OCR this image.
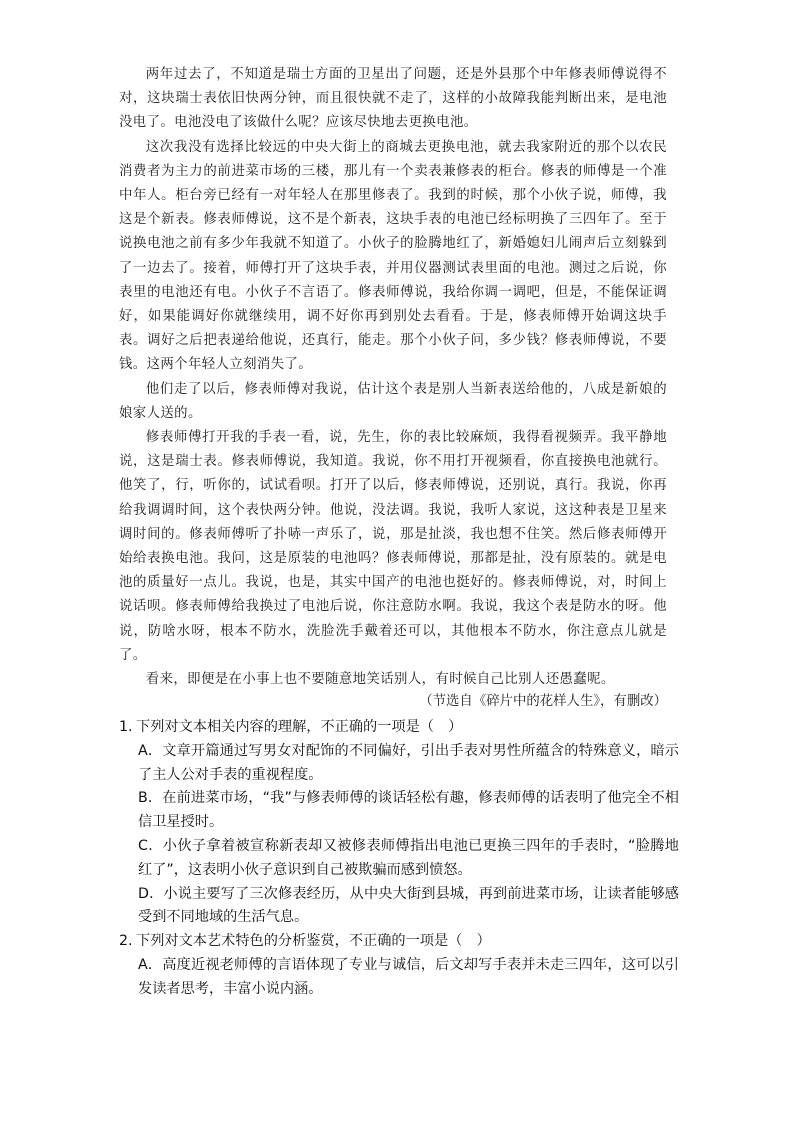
两年过去了，不知道是瑞士方面的卫星出了问题，还是外县那个中年修表师傅说得不对，这块瑞士表依旧快两分钟，而且很快就不走了，这样的小故障我能判断出来，是电池没电了。电池没电了该做什么呢？应该尽快地去更换电池。

这次我没有选择比较远的中央大街上的商城去更换电池，就去我家附近的那个以农民消费者为主力的前进菜市场的三楼，那儿有一个卖表兼修表的柜台。修表的师傅是一个准中年人。柜台旁已经有一对年轻人在那里修表了。我到的时候，那个小伙子说，师傅，我这是个新表。修表师傅说，这不是个新表，这块手表的电池已经标明换了三四年了。至于说换电池之前有多少年我就不知道了。小伙子的脸腾地红了，新婚媳妇儿闹声后立刻躲到了一边去了。接着，师傅打开了这块手表，并用仪器测试表里面的电池。测过之后说，你表里的电池还有电。小伙子不言语了。修表师傅说，我给你调一调吧，但是，不能保证调好，如果能调好你就继续用，调不好你再到别处去看看。于是，修表师傅开始调这块手表。调好之后把表递给他说，还真行，能走。那个小伙子问，多少钱？修表师傅说，不要钱。这两个年轻人立刻消失了。

他们走了以后，修表师傅对我说，估计这个表是别人当新表送给他的，八成是新娘的娘家人送的。

修表师傅打开我的手表一看，说，先生，你的表比较麻烦，我得看视频弄。我平静地说，这是瑞士表。修表师傅说，我知道。我说，你不用打开视频看，你直接换电池就行。他笑了，行，听你的，试试看呗。打开了以后，修表师傅说，还别说，真行。我说，你再给我调调时间，这个表快两分钟。他说，没法调。我说，我听人家说，这这种表是卫星来调时间的。修表师傅听了扑哧一声乐了，说，那是扯淡，我也想不住笑。然后修表师傅开始给表换电池。我问，这是原装的电池吗？修表师傅说，那都是扯，没有原装的。就是电池的质量好一点儿。我说，也是，其实中国产的电池也挺好的。修表师傅说，对，时间上说话呗。修表师傅给我换过了电池后说，你注意防水啊。我说，我这个表是防水的呀。他说，防啥水呀，根本不防水，洗脸洗手戴着还可以，其他根本不防水，你注意点儿就是了。

看来，即便是在小事上也不要随意地笑话别人，有时候自己比别人还愚蠢呢。

（节选自《碎片中的花样人生》，有删改）

1. 下列对文本相关内容的理解，不正确的一项是（　）

A．文章开篇通过写男女对配饰的不同偏好，引出手表对男性所蕴含的特殊意义，暗示了主人公对手表的重视程度。

B．在前进菜市场，“我”与修表师傅的谈话轻松有趣，修表师傅的话表明了他完全不相信卫星授时。

C．小伙子拿着被宣称新表却又被修表师傅指出电池已更换三四年的手表时，“脸腾地红了”，这表明小伙子意识到自己被欺骗而感到愤怒。

D．小说主要写了三次修表经历，从中央大街到县城，再到前进菜市场，让读者能够感受到不同地域的生活气息。

2. 下列对文本艺术特色的分析鉴赏，不正确的一项是（　）

A．高度近视老师傅的言语体现了专业与诚信，后文却写手表并未走三四年，这可以引发读者思考，丰富小说内涵。
